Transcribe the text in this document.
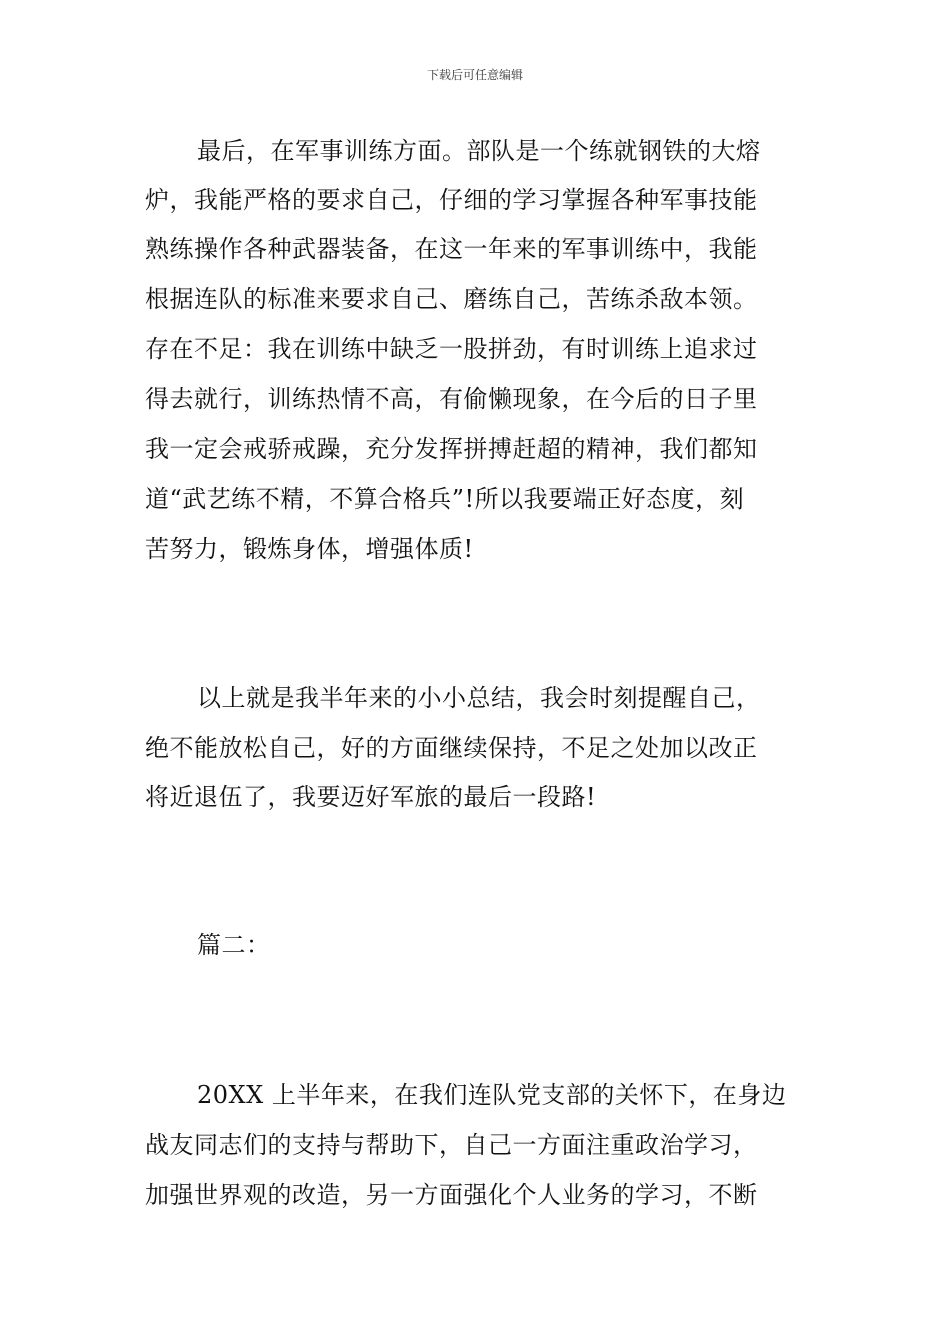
下载后可任意编辑
最后，在军事训练方面。部队是一个练就钢铁的大熔
炉，我能严格的要求自己，仔细的学习掌握各种军事技能
熟练操作各种武器装备，在这一年来的军事训练中，我能
根据连队的标准来要求自己、磨练自己，苦练杀敌本领。
存在不足：我在训练中缺乏一股拼劲，有时训练上追求过
得去就行，训练热情不高，有偷懒现象，在今后的日子里
我一定会戒骄戒躁，充分发挥拼搏赶超的精神，我们都知
道“武艺练不精，不算合格兵”!所以我要端正好态度，刻
苦努力，锻炼身体，增强体质!
以上就是我半年来的小小总结，我会时刻提醒自己，
绝不能放松自己，好的方面继续保持，不足之处加以改正
将近退伍了，我要迈好军旅的最后一段路!
篇二：
20XX 上半年来，在我们连队党支部的关怀下，在身边
战友同志们的支持与帮助下，自己一方面注重政治学习，
加强世界观的改造，另一方面强化个人业务的学习，不断
